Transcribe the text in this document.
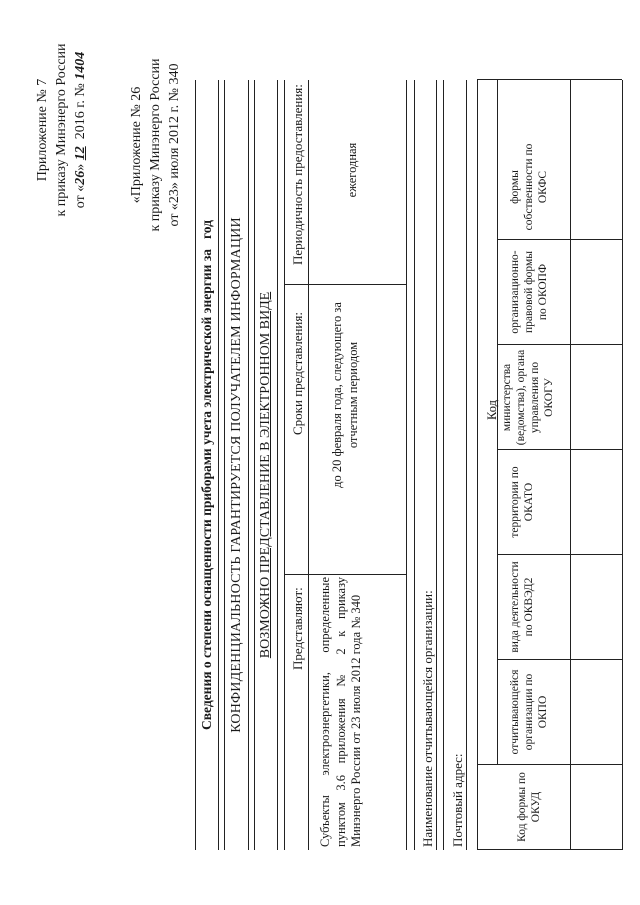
Приложение № 7 к приказу Минэнерго России от «26» 12  2016 г. № 1404
«Приложение № 26 к приказу Минэнерго России от «23» июля 2012 г. № 340
Сведения о степени оснащенности приборами учета электрической энергии загод КОНФИДЕНЦИАЛЬНОСТЬ ГАРАНТИРУЕТСЯ ПОЛУЧАТЕЛЕМ ИНФОРМАЦИИ ВОЗМОЖНО ПРЕДСТАВЛЕНИЕ В ЭЛЕКТРОННОМ ВИДЕ Представляют:
Сроки представления:
Периодичность предоставления:
Субъекты электроэнергетики, определенные пунктом 3.6 приложения № 2 к приказу Минэнерго России от 23 июля 2012 года № 340
до 20 февраля года, следующего за отчетным периодом
ежегодная
Наименование отчитывающейся организации: Почтовый адрес:
Код
Код формы по ОКУД
отчитывающейся организации по ОКПО
вида деятельности по ОКВЭД2
территории по ОКАТО
министерства (ведомства), органа управления по ОКОГУ
организационно-правовой формы по ОКОПФ
формы собственности по ОКФС
